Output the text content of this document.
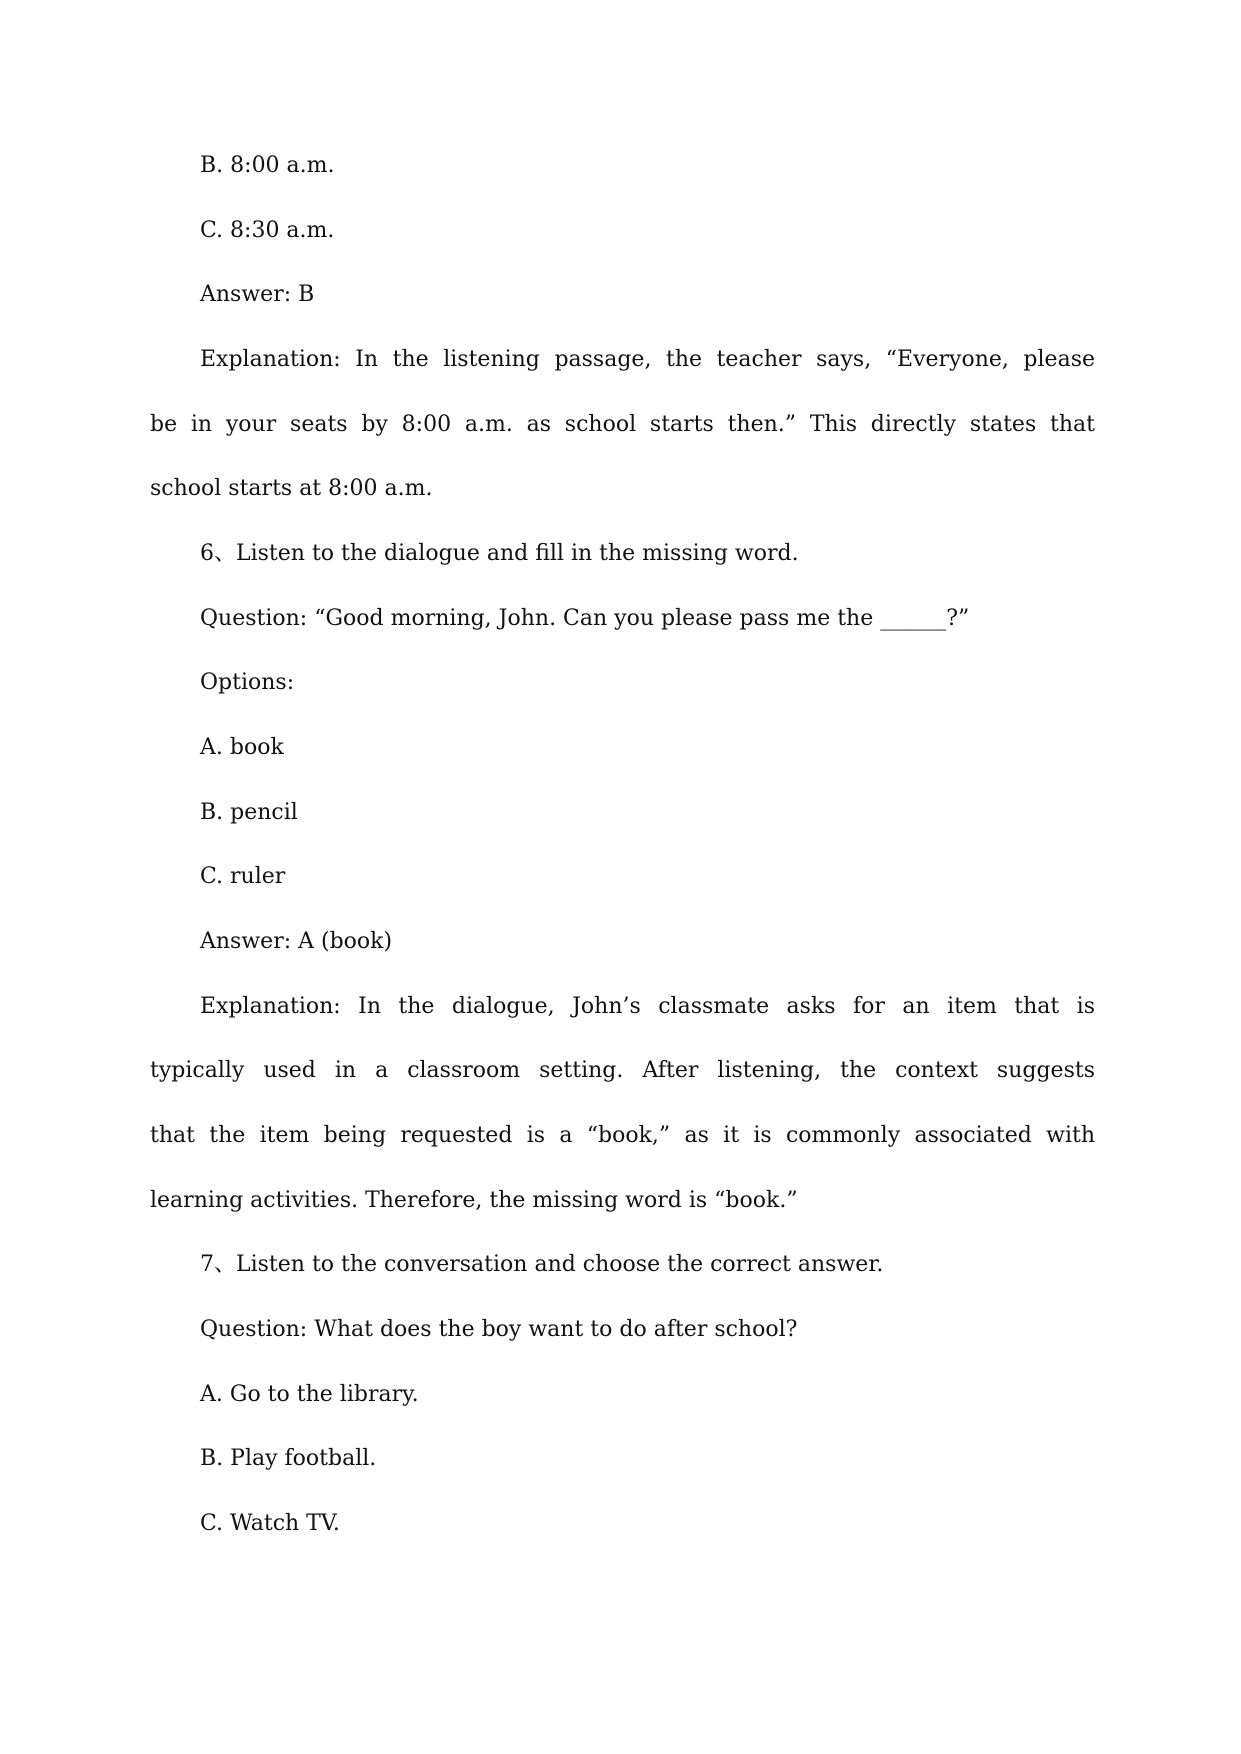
B. 8:00 a.m.
C. 8:30 a.m.
Answer: B
Explanation: In the listening passage, the teacher says, “Everyone, please
be in your seats by 8:00 a.m. as school starts then.” This directly states that
school starts at 8:00 a.m.
6、Listen to the dialogue and fill in the missing word.
Question: “Good morning, John. Can you please pass me the ______?”
Options:
A. book
B. pencil
C. ruler
Answer: A (book)
Explanation: In the dialogue, John’s classmate asks for an item that is
typically used in a classroom setting. After listening, the context suggests
that the item being requested is a “book,” as it is commonly associated with
learning activities. Therefore, the missing word is “book.”
7、Listen to the conversation and choose the correct answer.
Question: What does the boy want to do after school?
A. Go to the library.
B. Play football.
C. Watch TV.
